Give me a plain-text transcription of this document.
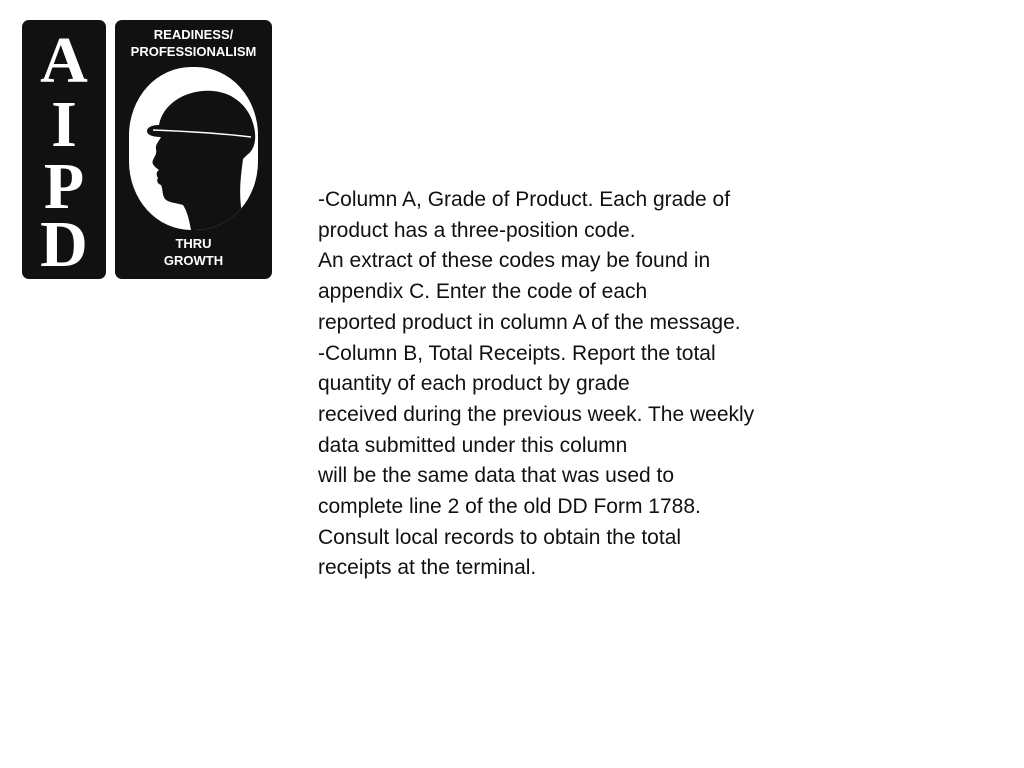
A
I
P
D
READINESS/
PROFESSIONALISM
THRU
GROWTH

-Column A, Grade of Product. Each grade of
product has a three-position code.
An extract of these codes may be found in
appendix C. Enter the code of each
reported product in column A of the message.
-Column B, Total Receipts. Report the total
quantity of each product by grade
received during the previous week. The weekly
data submitted under this column
will be the same data that was used to
complete line 2 of the old DD Form 1788.
Consult local records to obtain the total
receipts at the terminal.
